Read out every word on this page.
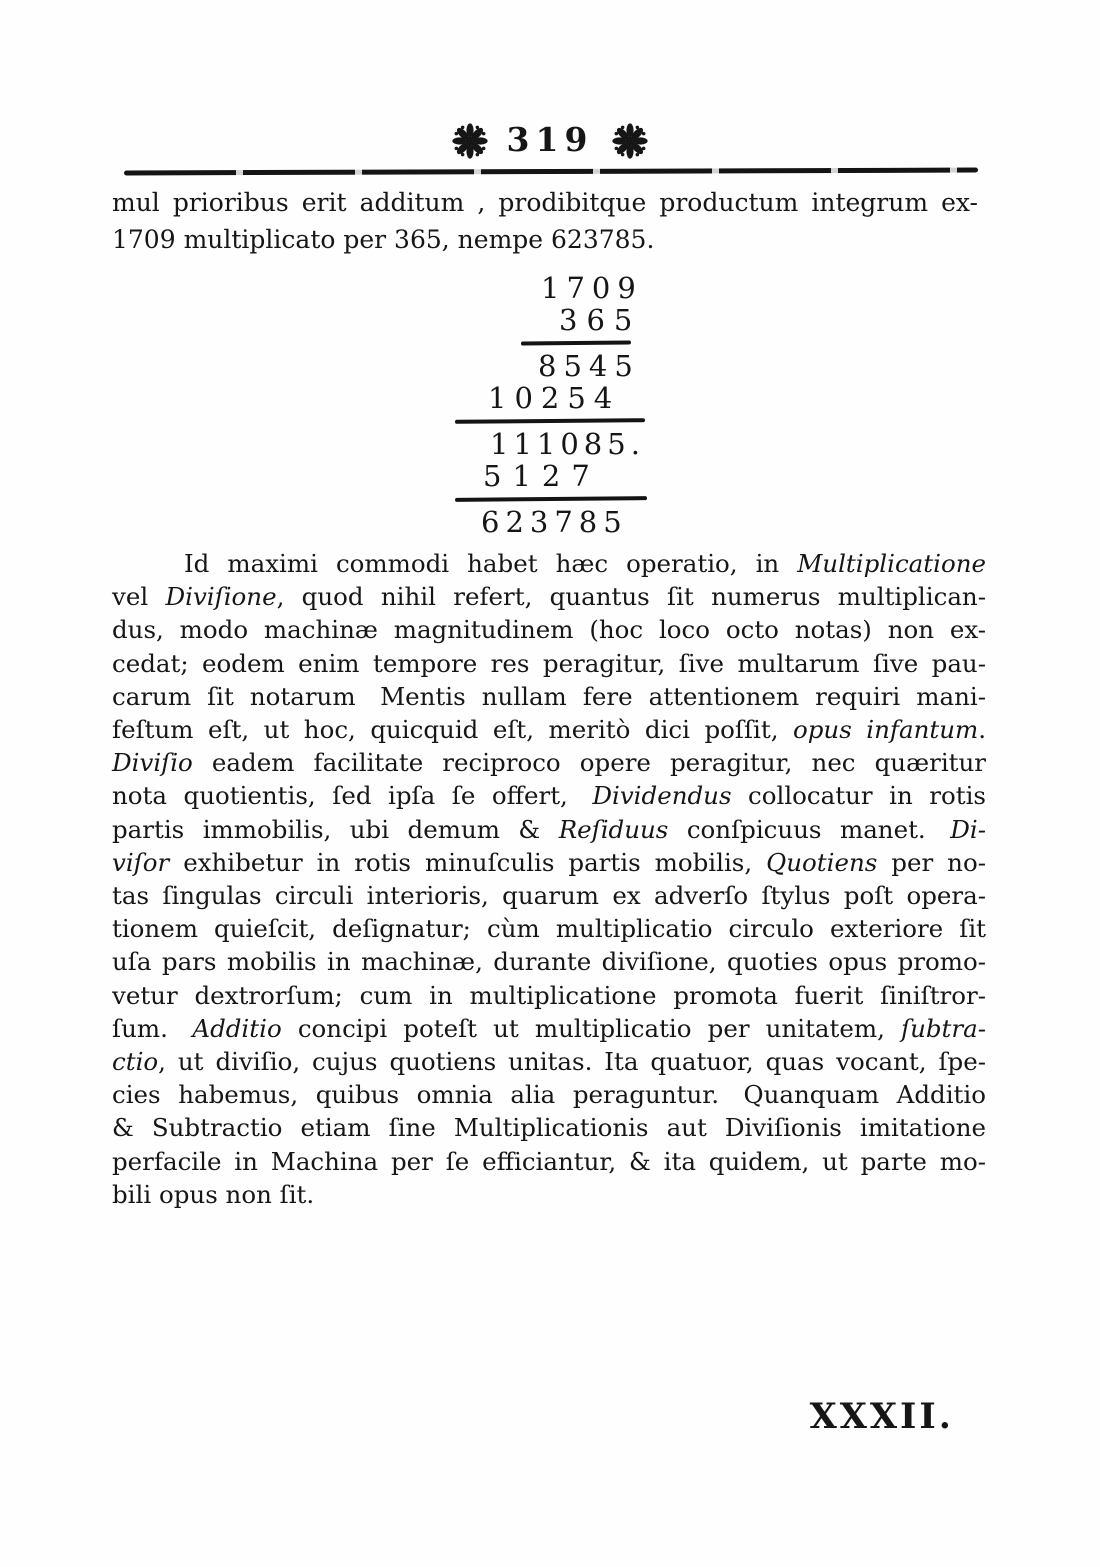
319
mul prioribus erit additum , prodibitque productum integrum ex-
1709 multiplicato per 365, nempe 623785.
1709
365
8545
10254
111085.
5127
623785
Id maximi commodi habet hæc operatio, in Multiplicatione
vel Diviſione, quod nihil refert, quantus ſit numerus multiplican-
dus, modo machinæ magnitudinem (hoc loco octo notas) non ex-
cedat; eodem enim tempore res peragitur, ſive multarum ſive pau-
carum ſit notarum  Mentis nullam fere attentionem requiri mani-
feſtum eſt, ut hoc, quicquid eſt, meritò dici poſſit, opus infantum.
Diviſio eadem facilitate reciproco opere peragitur, nec quæritur
nota quotientis, ſed ipſa ſe offert,  Dividendus collocatur in rotis
partis immobilis, ubi demum & Reſiduus conſpicuus manet.  Di-
viſor exhibetur in rotis minuſculis partis mobilis, Quotiens per no-
tas ſingulas circuli interioris, quarum ex adverſo ſtylus poſt opera-
tionem quieſcit, deſignatur; cùm multiplicatio circulo exteriore ſit
uſa pars mobilis in machinæ, durante diviſione, quoties opus promo-
vetur dextrorſum; cum in multiplicatione promota fuerit ſiniſtror-
ſum.  Additio concipi poteſt ut multiplicatio per unitatem, ſubtra-
ctio, ut diviſio, cujus quotiens unitas. Ita quatuor, quas vocant, ſpe-
cies habemus, quibus omnia alia peraguntur.  Quanquam Additio
& Subtractio etiam ſine Multiplicationis aut Diviſionis imitatione
perfacile in Machina per ſe efficiantur, & ita quidem, ut parte mo-
bili opus non ſit.
XXXII.
